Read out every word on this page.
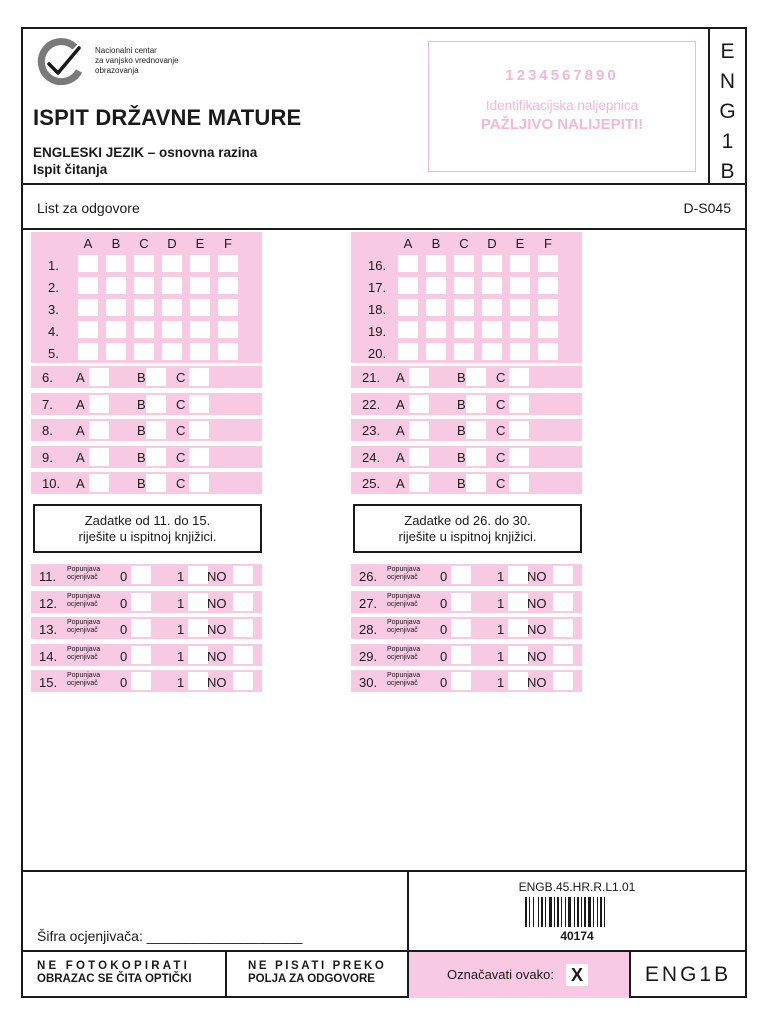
Nacionalni centar
za vanjsko vrednovanje
obrazovanja
ISPIT DRŽAVNE MATURE
ENGLESKI JEZIK – osnovna razina
Ispit čitanja
1234567890
Identifikacijska naljepnica
PAŽLJIVO NALIJEPITI!
E
N
G
1
B
List za odgovore	D-S045
A	B	C	D	E	F
1.
2.
3.
4.
5.
6. A	B C
7. A	B C
8. A	B C
9. A	B C
10. A	B C
Zadatke od 11. do 15.
riješite u ispitnoj knjižici.
11. Popunjava
ocjenjivač 0	1 NO
12. Popunjava
ocjenjivač 0	1 NO
13. Popunjava
ocjenjivač 0	1 NO
14. Popunjava
ocjenjivač 0	1 NO
15. Popunjava
ocjenjivač 0	1 NO
A	B	C	D	E	F
16.
17.
18.
19.
20.
21. A	B C
22. A	B C
23. A	B C
24. A	B C
25. A	B C
Zadatke od 26. do 30.
riješite u ispitnoj knjižici.
26. Popunjava
ocjenjivač 0	1 NO
27. Popunjava
ocjenjivač 0	1 NO
28. Popunjava
ocjenjivač 0	1 NO
29. Popunjava
ocjenjivač 0	1 NO
30. Popunjava
ocjenjivač 0	1 NO
Šifra ocjenjivača: ____________________
ENGB.45.HR.R.L1.01
40174
NE FOTOKOPIRATI
OBRAZAC SE ČITA OPTIČKI
NE PISATI PREKO
POLJA ZA ODGOVORE	Označavati ovako: X	ENG1B
